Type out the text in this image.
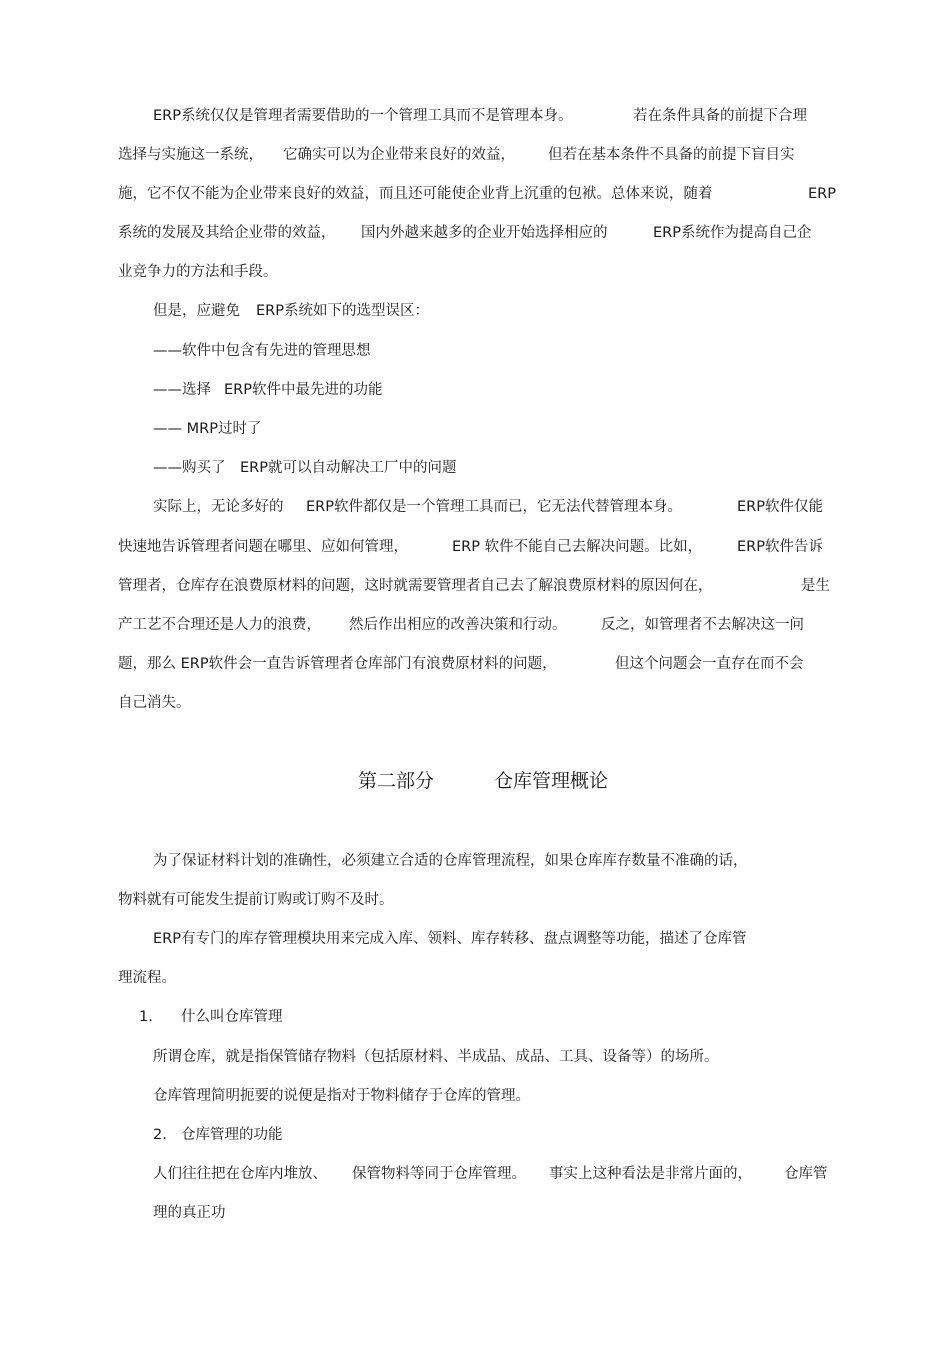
ERP系统仅仅是管理者需要借助的一个管理工具而不是管理本身。	若在条件具备的前提下合理
选择与实施这一系统， 它确实可以为企业带来良好的效益， 但若在基本条件不具备的前提下盲目实
施，它不仅不能为企业带来良好的效益，而且还可能使企业背上沉重的包袱。总体来说，随着	ERP
系统的发展及其给企业带的效益， 国内外越来越多的企业开始选择相应的	ERP系统作为提高自己企
业竞争力的方法和手段。
但是，应避免 ERP系统如下的选型误区：
——软件中包含有先进的管理思想
——选择 ERP软件中最先进的功能
—— MRP过时了
——购买了 ERP就可以自动解决工厂中的问题
实际上，无论多好的 ERP软件都仅是一个管理工具而已，它无法代替管理本身。	ERP软件仅能
快速地告诉管理者问题在哪里、应如何管理，	ERP 软件不能自己去解决问题。比如， ERP软件告诉
管理者，仓库存在浪费原材料的问题，这时就需要管理者自己去了解浪费原材料的原因何在，	是生
产工艺不合理还是人力的浪费， 然后作出相应的改善决策和行动。 反之，如管理者不去解决这一问
题，那么 ERP软件会一直告诉管理者仓库部门有浪费原材料的问题，	但这个问题会一直存在而不会
自己消失。
第二部分	仓库管理概论
为了保证材料计划的准确性，必须建立合适的仓库管理流程，如果仓库库存数量不准确的话，
物料就有可能发生提前订购或订购不及时。
ERP有专门的库存管理模块用来完成入库、领料、库存转移、盘点调整等功能，描述了仓库管
理流程。
1. 什么叫仓库管理
所谓仓库，就是指保管储存物料（包括原材料、半成品、成品、工具、设备等）的场所。
仓库管理简明扼要的说便是指对于物料储存于仓库的管理。
2. 仓库管理的功能
人们往往把在仓库内堆放、 保管物料等同于仓库管理。 事实上这种看法是非常片面的， 仓库管
理的真正功
